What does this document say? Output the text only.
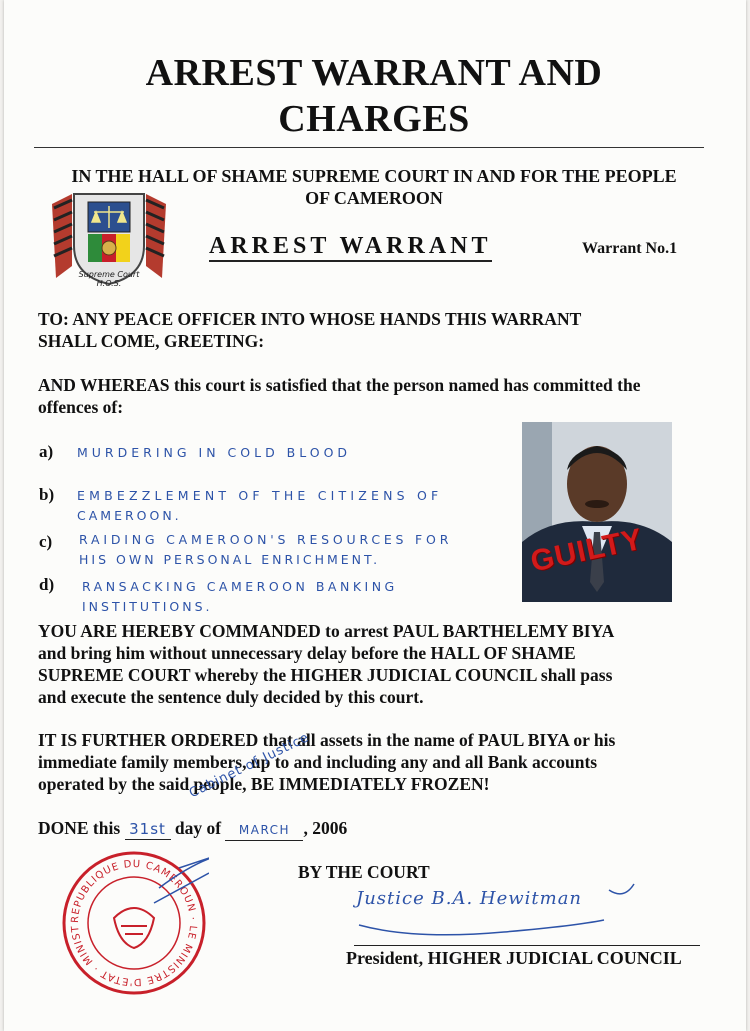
ARREST WARRANT AND
CHARGES
IN THE HALL OF SHAME SUPREME COURT IN AND FOR THE PEOPLE
OF CAMEROON
Supreme Court
H.O.S.
ARREST WARRANT	Warrant No.1
TO: ANY PEACE OFFICER INTO WHOSE HANDS THIS WARRANT
SHALL COME, GREETING:
AND WHEREAS this court is satisfied that the person named has committed the
offences of:
a) MURDERING IN COLD BLOOD
b) EMBEZZLEMENT OF THE CITIZENS OF
CAMEROON.
c) RAIDING CAMEROON'S RESOURCES FOR
HIS OWN PERSONAL ENRICHMENT.
d) RANSACKING CAMEROON BANKING
INSTITUTIONS.
GUILTY
YOU ARE HEREBY COMMANDED to arrest PAUL BARTHELEMY BIYA
and bring him without unnecessary delay before the HALL OF SHAME
SUPREME COURT whereby the HIGHER JUDICIAL COUNCIL shall pass
and execute the sentence duly decided by this court.
IT IS FURTHER ORDERED that all assets in the name of PAUL BIYA or his
immediate family members, up to and including any and all Bank accounts
operated by the said people, BE IMMEDIATELY FROZEN!
DONE this 31st day of MARCH , 2006
Cabinet of Justice
REPUBLIQUE DU CAMEROUN · LE MINISTRE D'ETAT · MINIST
BY THE COURT
Justice B.A. Hewitman
President, HIGHER JUDICIAL COUNCIL
